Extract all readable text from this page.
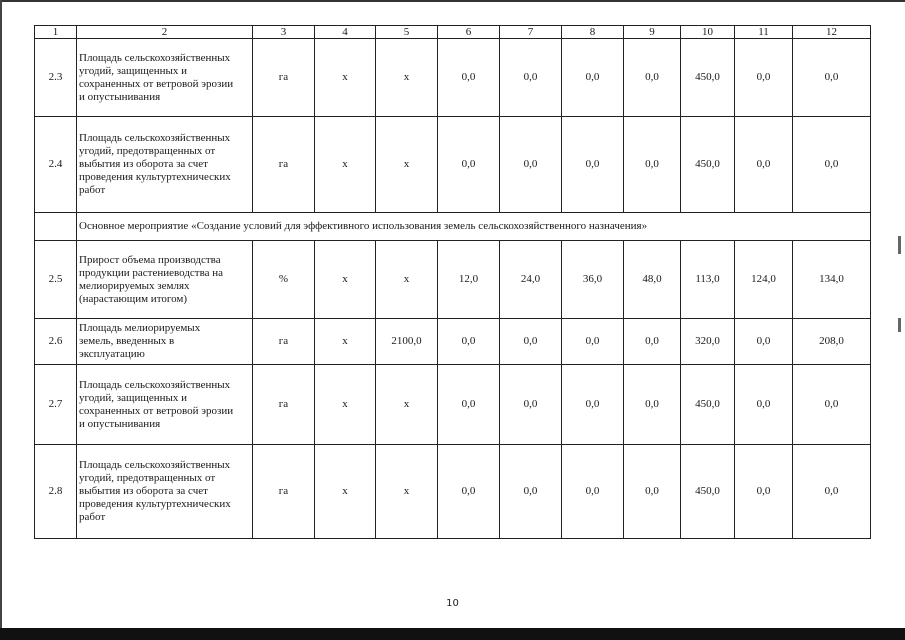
1	2	3	4	5	6	7	8	9	10	11	12
2.3	Площадь сельскохозяйственных
угодий, защищенных и
сохраненных от ветровой эрозии
и опустынивания	га	х	х	0,0	0,0	0,0	0,0	450,0	0,0	0,0
2.4	Площадь сельскохозяйственных
угодий, предотвращенных от
выбытия из оборота за счет
проведения культуртехнических
работ	га	х	х	0,0	0,0	0,0	0,0	450,0	0,0	0,0
	Основное мероприятие «Создание условий для эффективного использования земель сельскохозяйственного назначения»										
2.5	Прирост объема производства
продукции растениеводства на
мелиорируемых землях
(нарастающим итогом)	%	х	х	12,0	24,0	36,0	48,0	113,0	124,0	134,0
2.6	Площадь мелиорируемых
земель, введенных в
эксплуатацию	га	х	2100,0	0,0	0,0	0,0	0,0	320,0	0,0	208,0
2.7	Площадь сельскохозяйственных
угодий, защищенных и
сохраненных от ветровой эрозии
и опустынивания	га	х	х	0,0	0,0	0,0	0,0	450,0	0,0	0,0
2.8	Площадь сельскохозяйственных
угодий, предотвращенных от
выбытия из оборота за счет
проведения культуртехнических
работ	га	х	х	0,0	0,0	0,0	0,0	450,0	0,0	0,0
10
